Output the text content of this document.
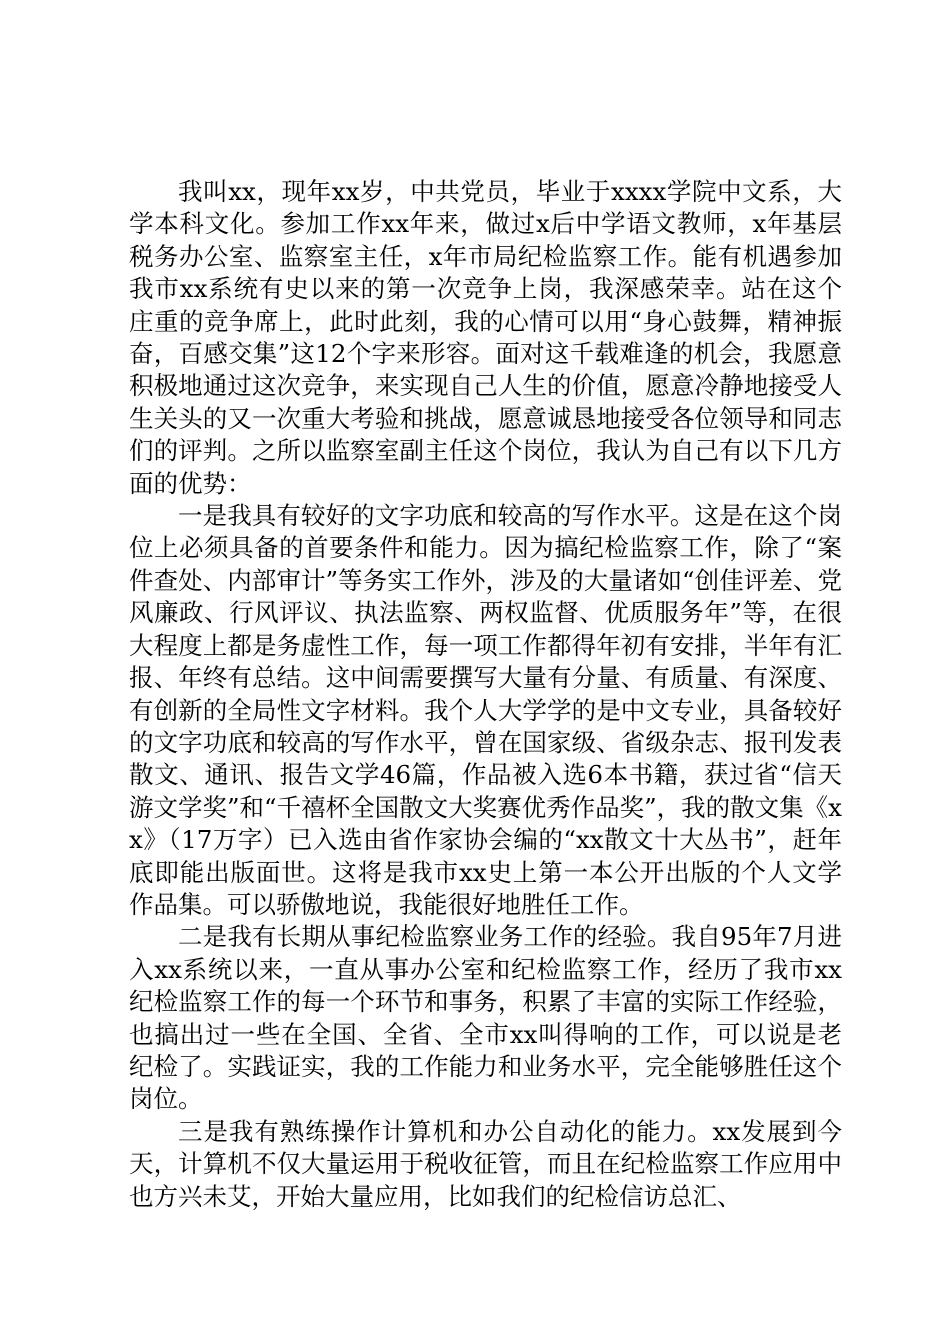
我叫xx，现年xx岁，中共党员，毕业于xxxx学院中文系，大学本科文化。参加工作xx年来，做过x后中学语文教师，x年基层税务办公室、监察室主任，x年市局纪检监察工作。能有机遇参加我市xx系统有史以来的第一次竞争上岗，我深感荣幸。站在这个庄重的竞争席上，此时此刻，我的心情可以用“身心鼓舞，精神振奋，百感交集”这12个字来形容。面对这千载难逢的机会，我愿意积极地通过这次竞争，来实现自己人生的价值，愿意冷静地接受人生关头的又一次重大考验和挑战，愿意诚恳地接受各位领导和同志们的评判。之所以监察室副主任这个岗位，我认为自己有以下几方面的优势：

一是我具有较好的文字功底和较高的写作水平。这是在这个岗位上必须具备的首要条件和能力。因为搞纪检监察工作，除了“案件查处、内部审计”等务实工作外，涉及的大量诸如“创佳评差、党风廉政、行风评议、执法监察、两权监督、优质服务年”等，在很大程度上都是务虚性工作，每一项工作都得年初有安排，半年有汇报、年终有总结。这中间需要撰写大量有分量、有质量、有深度、有创新的全局性文字材料。我个人大学学的是中文专业，具备较好的文字功底和较高的写作水平，曾在国家级、省级杂志、报刊发表散文、通讯、报告文学46篇，作品被入选6本书籍，获过省“信天游文学奖”和“千禧杯全国散文大奖赛优秀作品奖”，我的散文集《xx》（17万字）已入选由省作家协会编的“xx散文十大丛书”，赶年底即能出版面世。这将是我市xx史上第一本公开出版的个人文学作品集。可以骄傲地说，我能很好地胜任工作。

二是我有长期从事纪检监察业务工作的经验。我自95年7月进入xx系统以来，一直从事办公室和纪检监察工作，经历了我市xx纪检监察工作的每一个环节和事务，积累了丰富的实际工作经验，也搞出过一些在全国、全省、全市xx叫得响的工作，可以说是老纪检了。实践证实，我的工作能力和业务水平，完全能够胜任这个岗位。

三是我有熟练操作计算机和办公自动化的能力。xx发展到今天，计算机不仅大量运用于税收征管，而且在纪检监察工作应用中也方兴未艾，开始大量应用，比如我们的纪检信访总汇、
